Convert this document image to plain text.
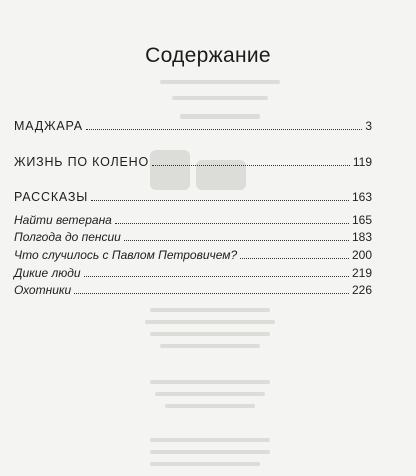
Содержание
МАДЖАРА	3
ЖИЗНЬ ПО КОЛЕНО	119
РАССКАЗЫ	163
Найти ветерана	165
Полгода до пенсии	183
Что случилось с Павлом Петровичем?	200
Дикие люди	219
Охотники	226
